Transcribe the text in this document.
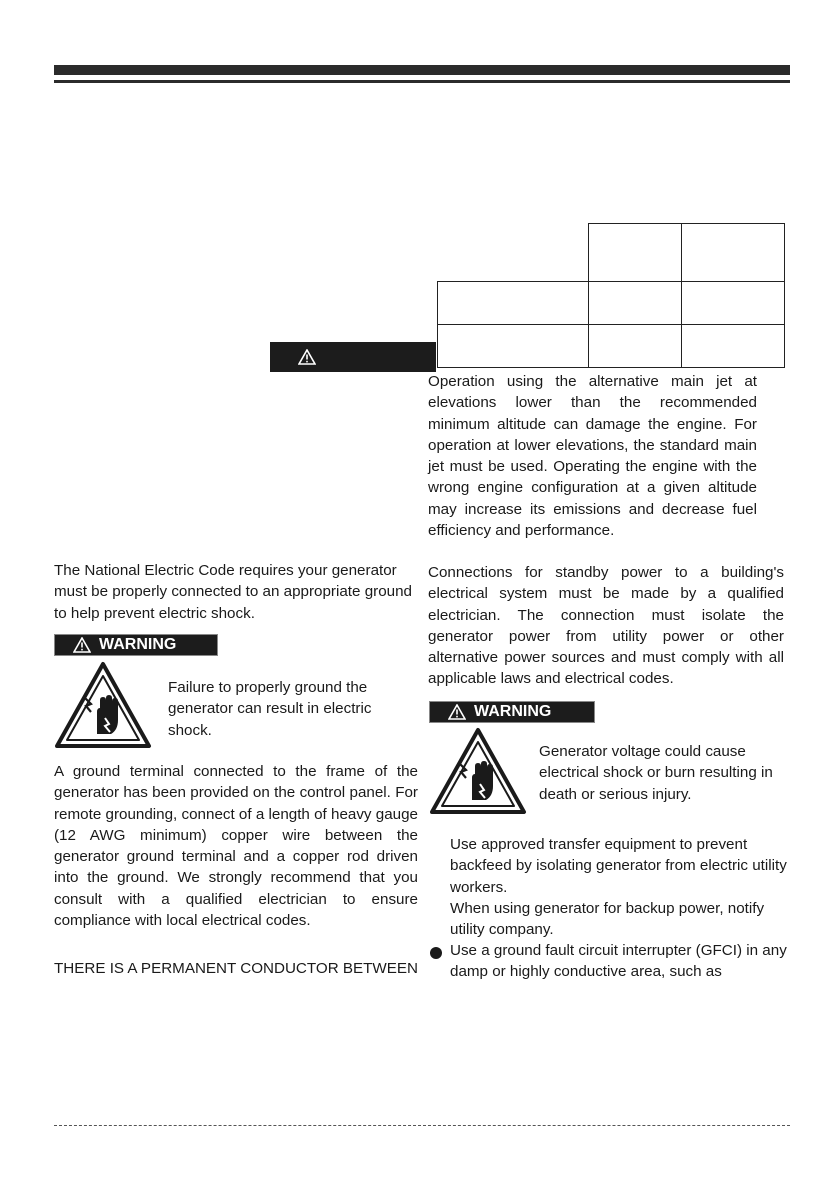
Operation using the alternative main jet at elevations lower than the recommended minimum altitude can damage the engine. For operation at lower elevations, the standard main jet must be used. Operating the engine with the wrong engine configuration at a given altitude may increase its emissions and decrease fuel efficiency and performance.
Connections for standby power to a building's electrical system must be made by a qualified electrician. The connection must isolate the generator power from utility power or other alternative power sources and must comply with all applicable laws and electrical codes.
WARNING
Generator voltage could cause electrical shock or burn resulting in death or serious injury.
Use approved transfer equipment to prevent backfeed by isolating generator from electric utility workers.
When using generator for backup power, notify utility company.
Use a ground fault circuit interrupter (GFCI) in any damp or highly conductive area, such as
The National Electric Code requires your generator must be properly connected to an appropriate ground to help prevent electric shock.
WARNING
Failure to properly ground the generator can result in electric shock.
A ground terminal connected to the frame of the generator has been provided on the control panel. For remote grounding, connect of a length of heavy gauge (12 AWG minimum) copper wire between the generator ground terminal and a copper rod driven into the ground. We strongly recommend that you consult with a qualified electrician to ensure compliance with local electrical codes.
THERE IS A PERMANENT CONDUCTOR BETWEEN
